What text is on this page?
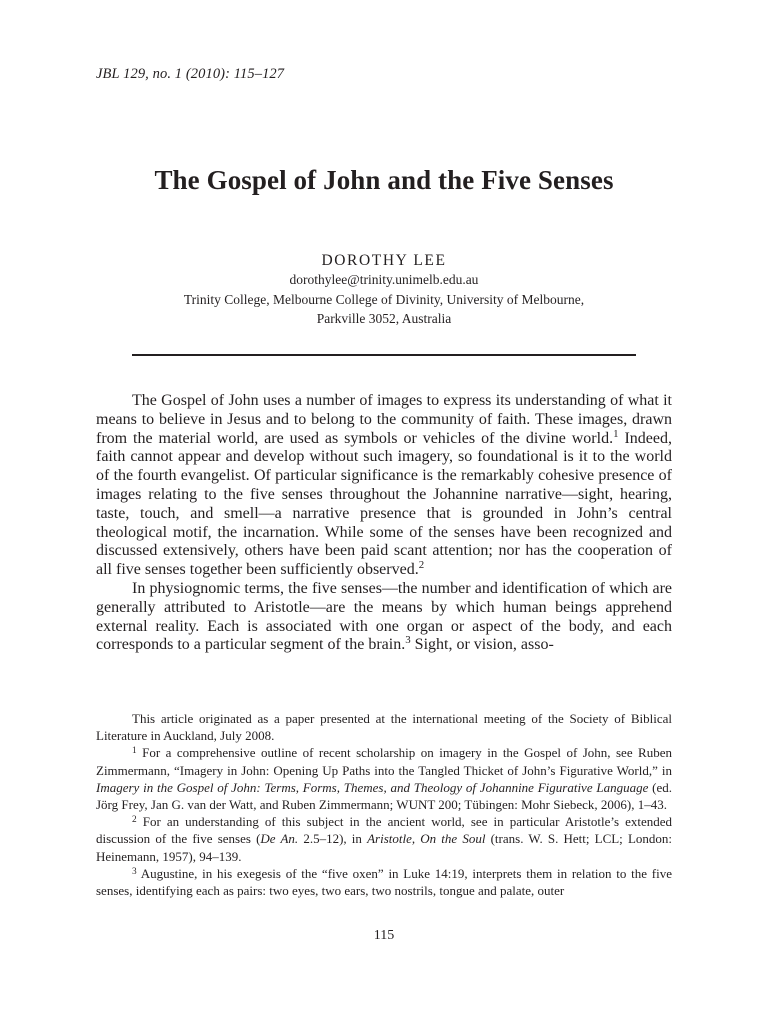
JBL 129, no. 1 (2010): 115–127
The Gospel of John and the Five Senses
DOROTHY LEE
dorothylee@trinity.unimelb.edu.au
Trinity College, Melbourne College of Divinity, University of Melbourne,
Parkville 3052, Australia

The Gospel of John uses a number of images to express its understanding of what it means to believe in Jesus and to belong to the community of faith. These images, drawn from the material world, are used as symbols or vehicles of the divine world.$^1$ Indeed, faith cannot appear and develop without such imagery, so foundational is it to the world of the fourth evangelist. Of particular significance is the remarkably cohesive presence of images relating to the five senses throughout the Johannine narrative—sight, hearing, taste, touch, and smell—a narrative presence that is grounded in John’s central theological motif, the incarnation. While some of the senses have been recognized and discussed extensively, others have been paid scant attention; nor has the cooperation of all five senses together been sufficiently observed.$^2$

In physiognomic terms, the five senses—the number and identification of which are generally attributed to Aristotle—are the means by which human beings apprehend external reality. Each is associated with one organ or aspect of the body, and each corresponds to a particular segment of the brain.$^3$ Sight, or vision, asso-

This article originated as a paper presented at the international meeting of the Society of Biblical Literature in Auckland, July 2008.

$^1$ For a comprehensive outline of recent scholarship on imagery in the Gospel of John, see Ruben Zimmermann, “Imagery in John: Opening Up Paths into the Tangled Thicket of John’s Figurative World,” in Imagery in the Gospel of John: Terms, Forms, Themes, and Theology of Johannine Figurative Language (ed. Jörg Frey, Jan G. van der Watt, and Ruben Zimmermann; WUNT 200; Tübingen: Mohr Siebeck, 2006), 1–43.

$^2$ For an understanding of this subject in the ancient world, see in particular Aristotle’s extended discussion of the five senses (De An. 2.5–12), in Aristotle, On the Soul (trans. W. S. Hett; LCL; London: Heinemann, 1957), 94–139.

$^3$ Augustine, in his exegesis of the “five oxen” in Luke 14:19, interprets them in relation to the five senses, identifying each as pairs: two eyes, two ears, two nostrils, tongue and palate, outer

115
